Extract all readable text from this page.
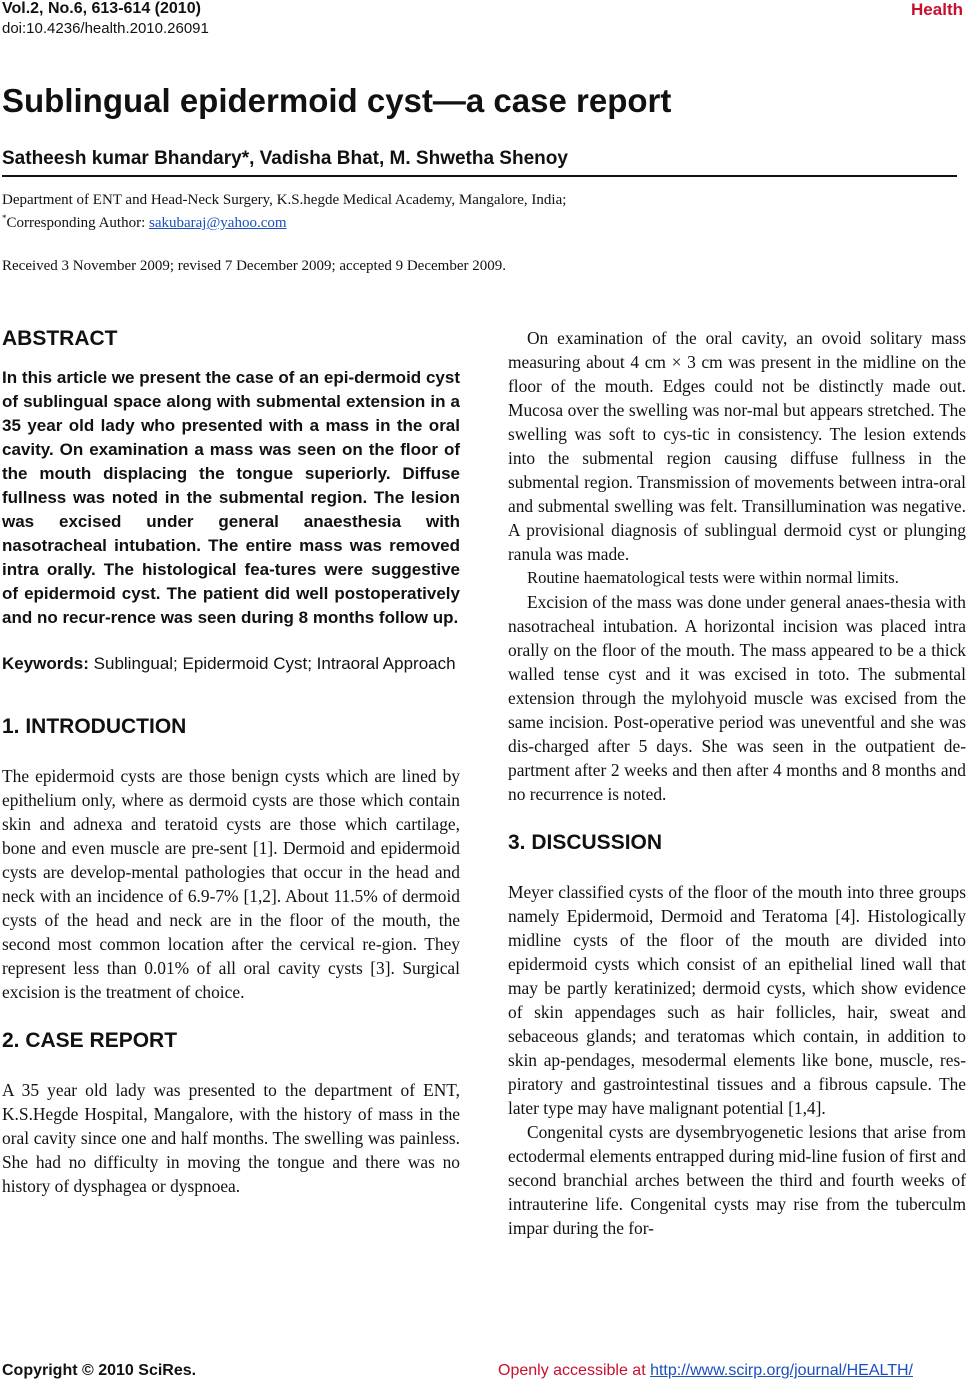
Vol.2, No.6, 613-614 (2010)
doi:10.4236/health.2010.26091
Health
Sublingual epidermoid cyst—a case report
Satheesh kumar Bhandary*, Vadisha Bhat, M. Shwetha Shenoy
Department of ENT and Head-Neck Surgery, K.S.hegde Medical Academy, Mangalore, India;
*Corresponding Author: sakubaraj@yahoo.com
Received 3 November 2009; revised 7 December 2009; accepted 9 December 2009.
ABSTRACT

In this article we present the case of an epi-dermoid cyst of sublingual space along with submental extension in a 35 year old lady who presented with a mass in the oral cavity. On examination a mass was seen on the floor of the mouth displacing the tongue superiorly. Diffuse fullness was noted in the submental region. The lesion was excised under general anaesthesia with nasotracheal intubation. The entire mass was removed intra orally. The histological fea-tures were suggestive of epidermoid cyst. The patient did well postoperatively and no recur-rence was seen during 8 months follow up.

Keywords: Sublingual; Epidermoid Cyst; Intraoral Approach
1. INTRODUCTION

The epidermoid cysts are those benign cysts which are lined by epithelium only, where as dermoid cysts are those which contain skin and adnexa and teratoid cysts are those which cartilage, bone and even muscle are pre-sent [1]. Dermoid and epidermoid cysts are develop-mental pathologies that occur in the head and neck with an incidence of 6.9-7% [1,2]. About 11.5% of dermoid cysts of the head and neck are in the floor of the mouth, the second most common location after the cervical re-gion. They represent less than 0.01% of all oral cavity cysts [3]. Surgical excision is the treatment of choice.

2. CASE REPORT

A 35 year old lady was presented to the department of ENT, K.S.Hegde Hospital, Mangalore, with the history of mass in the oral cavity since one and half months. The swelling was painless. She had no difficulty in moving the tongue and there was no history of dysphagea or dyspnoea.

On examination of the oral cavity, an ovoid solitary mass measuring about 4 cm × 3 cm was present in the midline on the floor of the mouth. Edges could not be distinctly made out. Mucosa over the swelling was nor-mal but appears stretched. The swelling was soft to cys-tic in consistency. The lesion extends into the submental region causing diffuse fullness in the submental region. Transmission of movements between intra-oral and submental swelling was felt. Transillumination was negative. A provisional diagnosis of sublingual dermoid cyst or plunging ranula was made.

Routine haematological tests were within normal limits.

Excision of the mass was done under general anaes-thesia with nasotracheal intubation. A horizontal incision was placed intra orally on the floor of the mouth. The mass appeared to be a thick walled tense cyst and it was excised in toto. The submental extension through the mylohyoid muscle was excised from the same incision. Post-operative period was uneventful and she was dis-charged after 5 days. She was seen in the outpatient de-partment after 2 weeks and then after 4 months and 8 months and no recurrence is noted.

3. DISCUSSION

Meyer classified cysts of the floor of the mouth into three groups namely Epidermoid, Dermoid and Teratoma [4]. Histologically midline cysts of the floor of the mouth are divided into epidermoid cysts which consist of an epithelial lined wall that may be partly keratinized; dermoid cysts, which show evidence of skin appendages such as hair follicles, hair, sweat and sebaceous glands; and teratomas which contain, in addition to skin ap-pendages, mesodermal elements like bone, muscle, res-piratory and gastrointestinal tissues and a fibrous capsule. The later type may have malignant potential [1,4].

Congenital cysts are dysembryogenetic lesions that arise from ectodermal elements entrapped during mid-line fusion of first and second branchial arches between the third and fourth weeks of intrauterine life. Congenital cysts may rise from the tuberculm impar during the for-

Copyright © 2010 SciRes.	Openly accessible at http://www.scirp.org/journal/HEALTH/
